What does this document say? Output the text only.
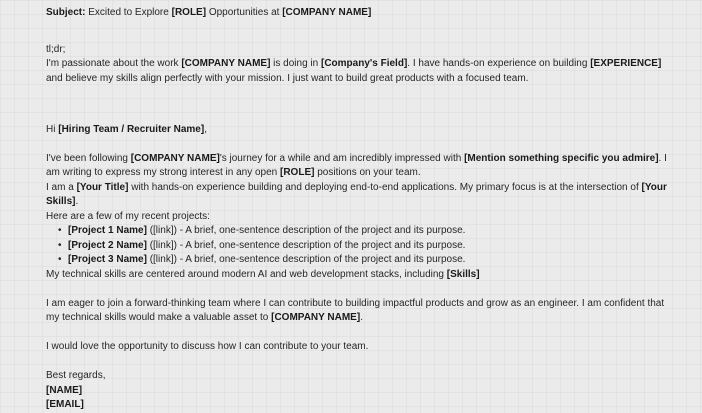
Subject: Excited to Explore [ROLE] Opportunities at [COMPANY NAME]
tl;dr;
I'm passionate about the work [COMPANY NAME] is doing in [Company's Field]. I have hands-on experience on building [EXPERIENCE] and believe my skills align perfectly with your mission. I just want to build great products with a focused team.
Hi [Hiring Team / Recruiter Name],
I've been following [COMPANY NAME]'s journey for a while and am incredibly impressed with [Mention something specific you admire]. I am writing to express my strong interest in any open [ROLE] positions on your team.
I am a [Your Title] with hands-on experience building and deploying end-to-end applications. My primary focus is at the intersection of [Your Skills].
Here are a few of my recent projects:
• [Project 1 Name] ([link]) - A brief, one-sentence description of the project and its purpose.
• [Project 2 Name] ([link]) - A brief, one-sentence description of the project and its purpose.
• [Project 3 Name] ([link]) - A brief, one-sentence description of the project and its purpose.
My technical skills are centered around modern AI and web development stacks, including [Skills]
I am eager to join a forward-thinking team where I can contribute to building impactful products and grow as an engineer. I am confident that my technical skills would make a valuable asset to [COMPANY NAME].
I would love the opportunity to discuss how I can contribute to your team.
Best regards,
[NAME]
[EMAIL]
